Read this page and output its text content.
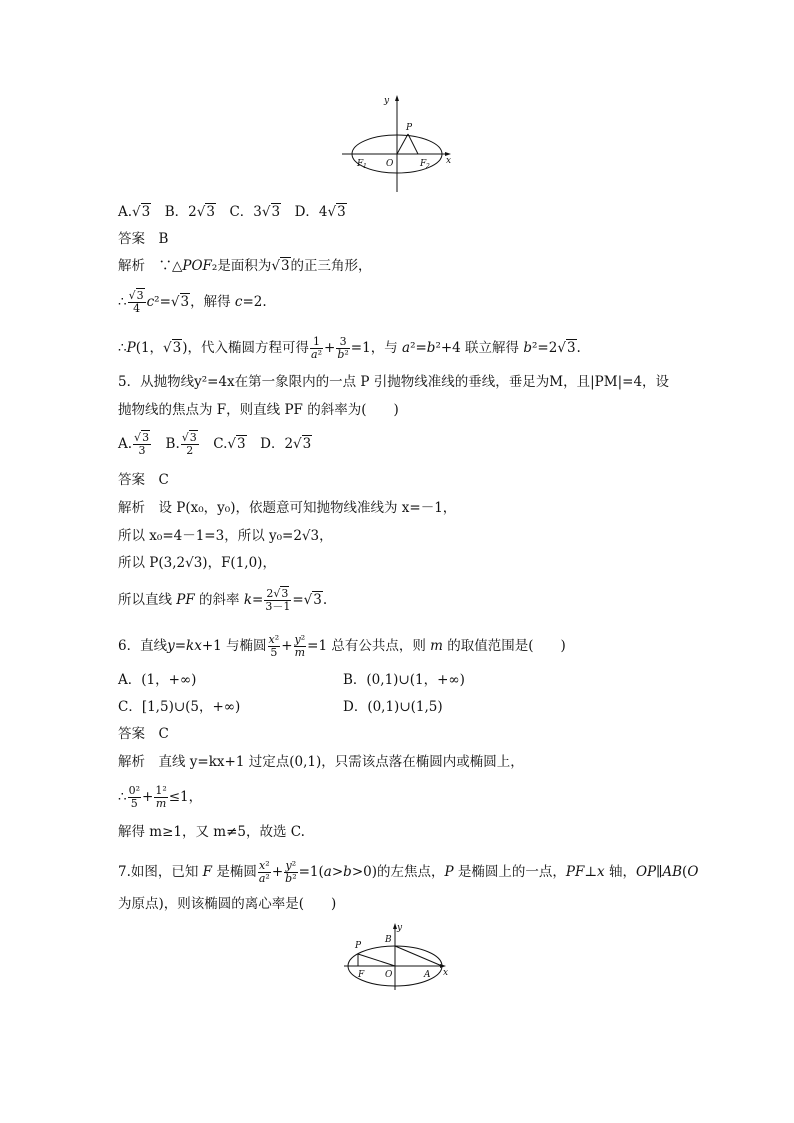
y
P
F 1 O	F 2
x
A.√3　B．2√3　C．3√3　D．4√3
答案　B
解析　∵△POF₂是面积为√3的正三角形，
∴ $\frac{√3}{4} c^2=√3$，解得 c=2.
∴P(1，√3)，代入椭圆方程可得 $\frac{1}{\text{a²}} + \frac{3}{\text{b²}} =1$，与 a²=b²+4 联立解得 b²=2√3.
5．从抛物线y²=4x在第一象限内的一点 P 引抛物线准线的垂线，垂足为M，且|PM|=4，设
抛物线的焦点为 F，则直线 PF 的斜率为(　　)
A. $\frac{√3}{3}$ 　B. $\frac{√3}{2}$ 　C.√3　D．2√3
答案　C
解析　设 P(x₀，y₀)，依题意可知抛物线准线为 x=－1，
所以 x₀=4－1=3，所以 y₀=2√3，
所以 P(3,2√3)，F(1,0)，
所以直线 PF 的斜率 $k= \frac{2√3}{3-1} =√3$.
6．直线y=kx+1 与椭圆 $\frac{\text{x²}}{5} + \frac{\text{y²}}{m} =1$ 总有公共点，则 m 的取值范围是(　　)
A．(1，+∞)	B．(0,1)∪(1，+∞)
C．[1,5)∪(5，+∞)	D．(0,1)∪(1,5)
答案　C
解析　直线 y=kx+1 过定点(0,1)，只需该点落在椭圆内或椭圆上，
∴ $\frac{\text{0²}}{5} + \frac{\text{1²}}{m} \le 1$，
解得 m≥1，又 m≠5，故选 C.
7.如图，已知 F 是椭圆 $\frac{\text{x²}}{\text{a²}} + \frac{\text{y²}}{\text{b²}} =1(a>b>0)$的左焦点，P 是椭圆上的一点，PF⊥x 轴，OP∥AB(O
为原点)，则该椭圆的离心率是(　　)
y
B
P
F O	A x
